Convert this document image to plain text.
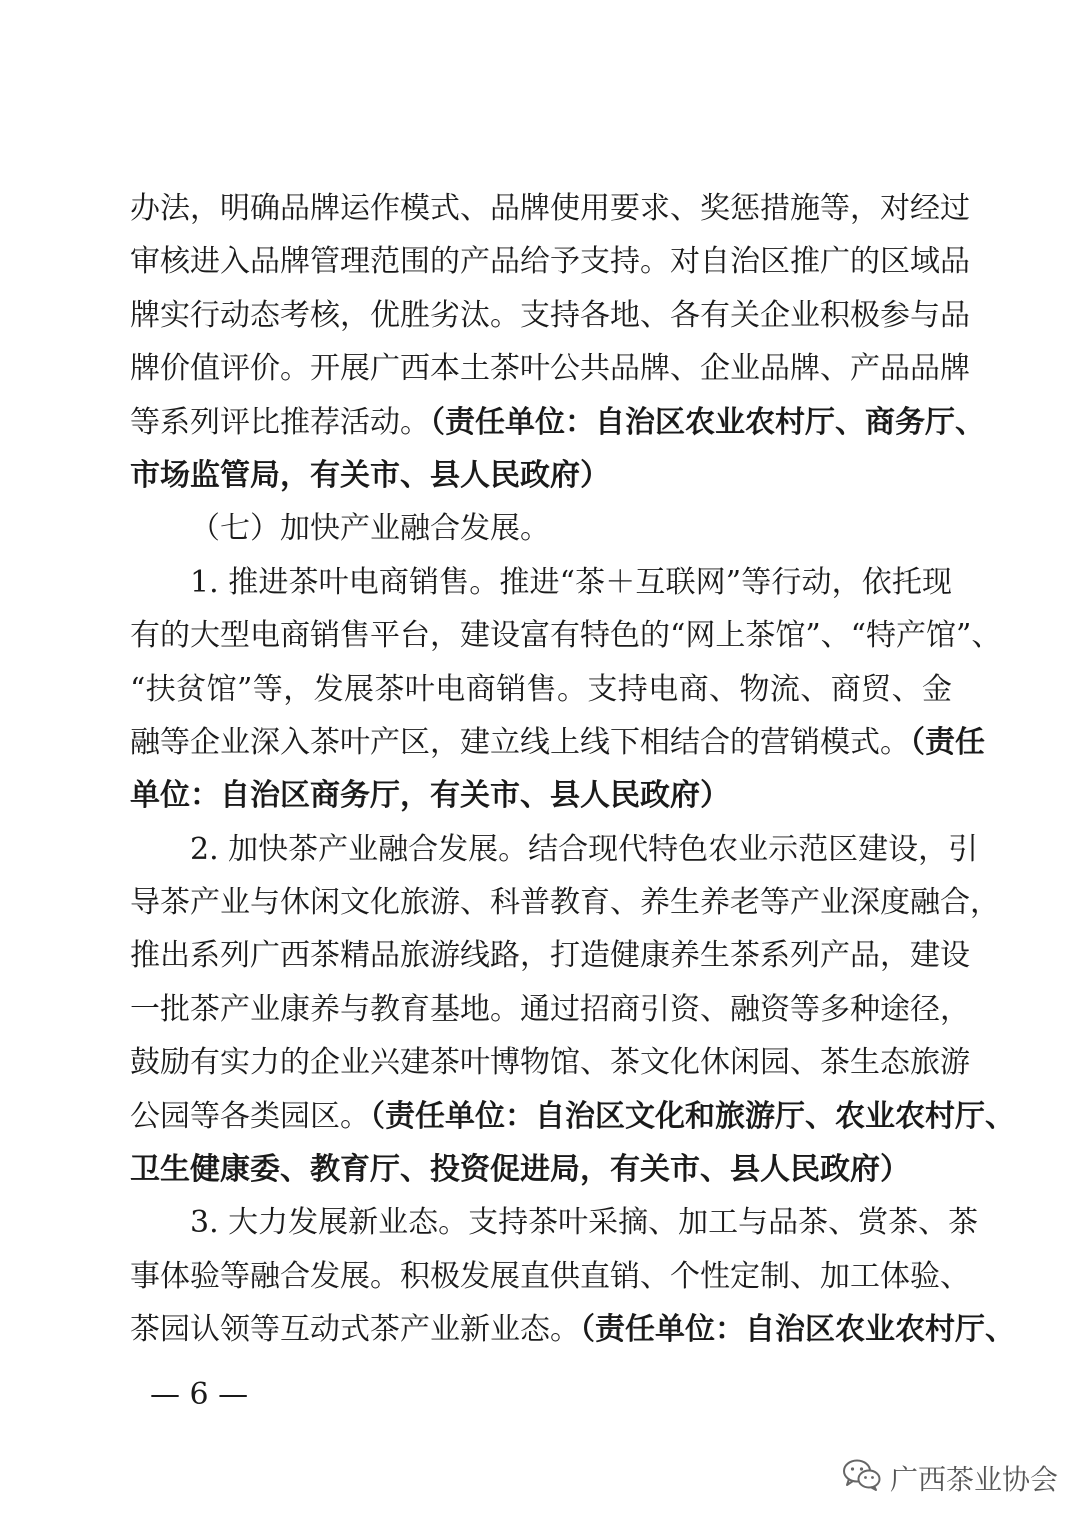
办法，明确品牌运作模式、品牌使用要求、奖惩措施等，对经过
审核进入品牌管理范围的产品给予支持。对自治区推广的区域品
牌实行动态考核，优胜劣汰。支持各地、各有关企业积极参与品
牌价值评价。开展广西本土茶叶公共品牌、企业品牌、产品品牌
等系列评比推荐活动。（责任单位：自治区农业农村厅、商务厅、
市场监管局，有关市、县人民政府）
（七）加快产业融合发展。
1. 推进茶叶电商销售。推进“茶＋互联网”等行动，依托现
有的大型电商销售平台，建设富有特色的“网上茶馆”、“特产馆”、
“扶贫馆”等，发展茶叶电商销售。支持电商、物流、商贸、金
融等企业深入茶叶产区，建立线上线下相结合的营销模式。（责任
单位：自治区商务厅，有关市、县人民政府）
2. 加快茶产业融合发展。结合现代特色农业示范区建设，引
导茶产业与休闲文化旅游、科普教育、养生养老等产业深度融合，
推出系列广西茶精品旅游线路，打造健康养生茶系列产品，建设
一批茶产业康养与教育基地。通过招商引资、融资等多种途径，
鼓励有实力的企业兴建茶叶博物馆、茶文化休闲园、茶生态旅游
公园等各类园区。（责任单位：自治区文化和旅游厅、农业农村厅、
卫生健康委、教育厅、投资促进局，有关市、县人民政府）
3. 大力发展新业态。支持茶叶采摘、加工与品茶、赏茶、茶
事体验等融合发展。积极发展直供直销、个性定制、加工体验、
茶园认领等互动式茶产业新业态。（责任单位：自治区农业农村厅、
— 6 —
广西茶业协会
